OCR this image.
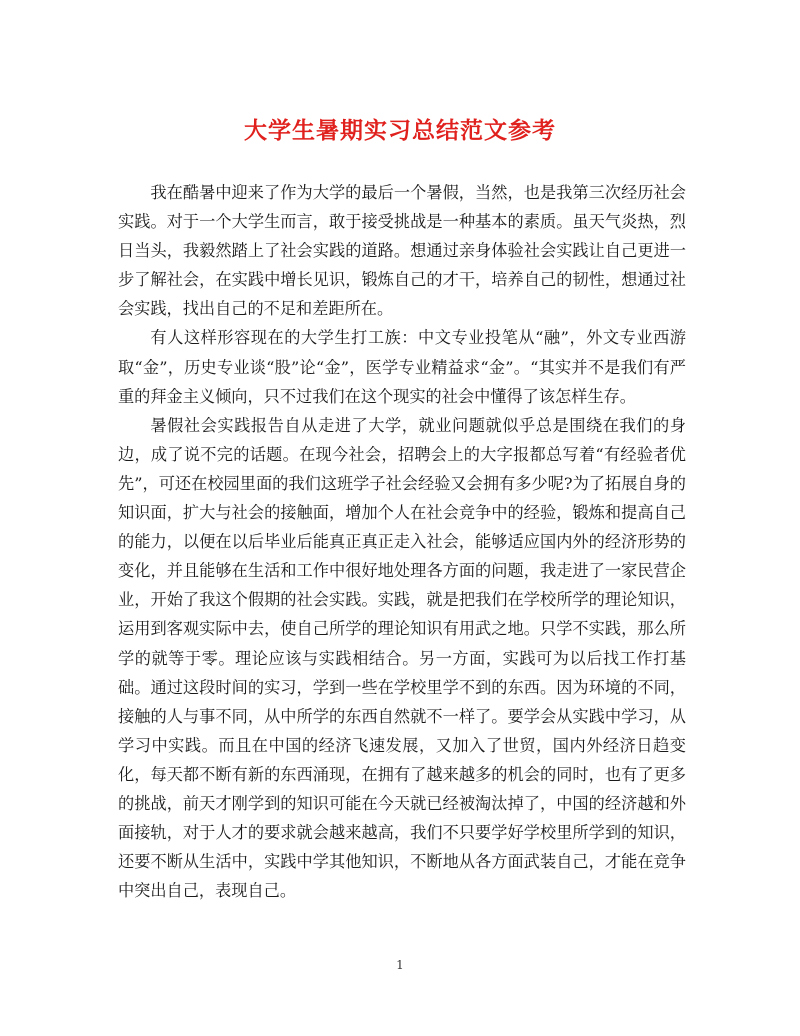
大学生暑期实习总结范文参考

我在酷暑中迎来了作为大学的最后一个暑假，当然，也是我第三次经历社会实践。对于一个大学生而言，敢于接受挑战是一种基本的素质。虽天气炎热，烈日当头，我毅然踏上了社会实践的道路。想通过亲身体验社会实践让自己更进一步了解社会，在实践中增长见识，锻炼自己的才干，培养自己的韧性，想通过社会实践，找出自己的不足和差距所在。

有人这样形容现在的大学生打工族：中文专业投笔从“融”，外文专业西游取“金”，历史专业谈“股”论“金”，医学专业精益求“金”。“其实并不是我们有严重的拜金主义倾向，只不过我们在这个现实的社会中懂得了该怎样生存。

暑假社会实践报告自从走进了大学，就业问题就似乎总是围绕在我们的身边，成了说不完的话题。在现今社会，招聘会上的大字报都总写着“有经验者优先”，可还在校园里面的我们这班学子社会经验又会拥有多少呢?为了拓展自身的知识面，扩大与社会的接触面，增加个人在社会竞争中的经验，锻炼和提高自己的能力，以便在以后毕业后能真正真正走入社会，能够适应国内外的经济形势的变化，并且能够在生活和工作中很好地处理各方面的问题，我走进了一家民营企业，开始了我这个假期的社会实践。实践，就是把我们在学校所学的理论知识，运用到客观实际中去，使自己所学的理论知识有用武之地。只学不实践，那么所学的就等于零。理论应该与实践相结合。另一方面，实践可为以后找工作打基础。通过这段时间的实习，学到一些在学校里学不到的东西。因为环境的不同，接触的人与事不同，从中所学的东西自然就不一样了。要学会从实践中学习，从学习中实践。而且在中国的经济飞速发展，又加入了世贸，国内外经济日趋变化，每天都不断有新的东西涌现，在拥有了越来越多的机会的同时，也有了更多的挑战，前天才刚学到的知识可能在今天就已经被淘汰掉了，中国的经济越和外面接轨，对于人才的要求就会越来越高，我们不只要学好学校里所学到的知识，还要不断从生活中，实践中学其他知识，不断地从各方面武装自己，才能在竞争中突出自己，表现自己。

1
